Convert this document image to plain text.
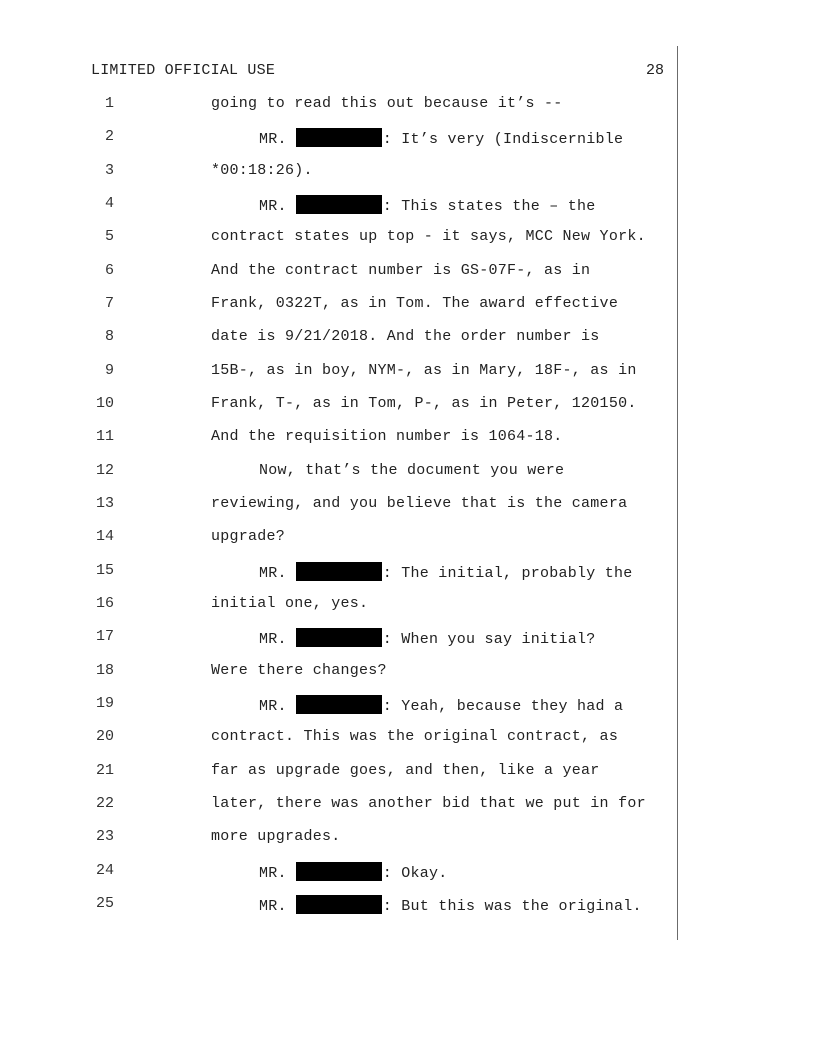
LIMITED OFFICIAL USE	28
1	going to read this out because it’s --
2	MR.	: It’s very (Indiscernible
3	*00:18:26).
4	MR.	: This states the – the
5	contract states up top - it says, MCC New York.
6	And the contract number is GS-07F-, as in
7	Frank, 0322T, as in Tom. The award effective
8	date is 9/21/2018. And the order number is
9	15B-, as in boy, NYM-, as in Mary, 18F-, as in
10	Frank, T-, as in Tom, P-, as in Peter, 120150.
11	And the requisition number is 1064-18.
12	Now, that’s the document you were
13	reviewing, and you believe that is the camera
14	upgrade?
15	MR.	: The initial, probably the
16	initial one, yes.
17	MR.	: When you say initial?
18	Were there changes?
19	MR.	: Yeah, because they had a
20	contract. This was the original contract, as
21	far as upgrade goes, and then, like a year
22	later, there was another bid that we put in for
23	more upgrades.
24	MR.	: Okay.
25	MR.	: But this was the original.
